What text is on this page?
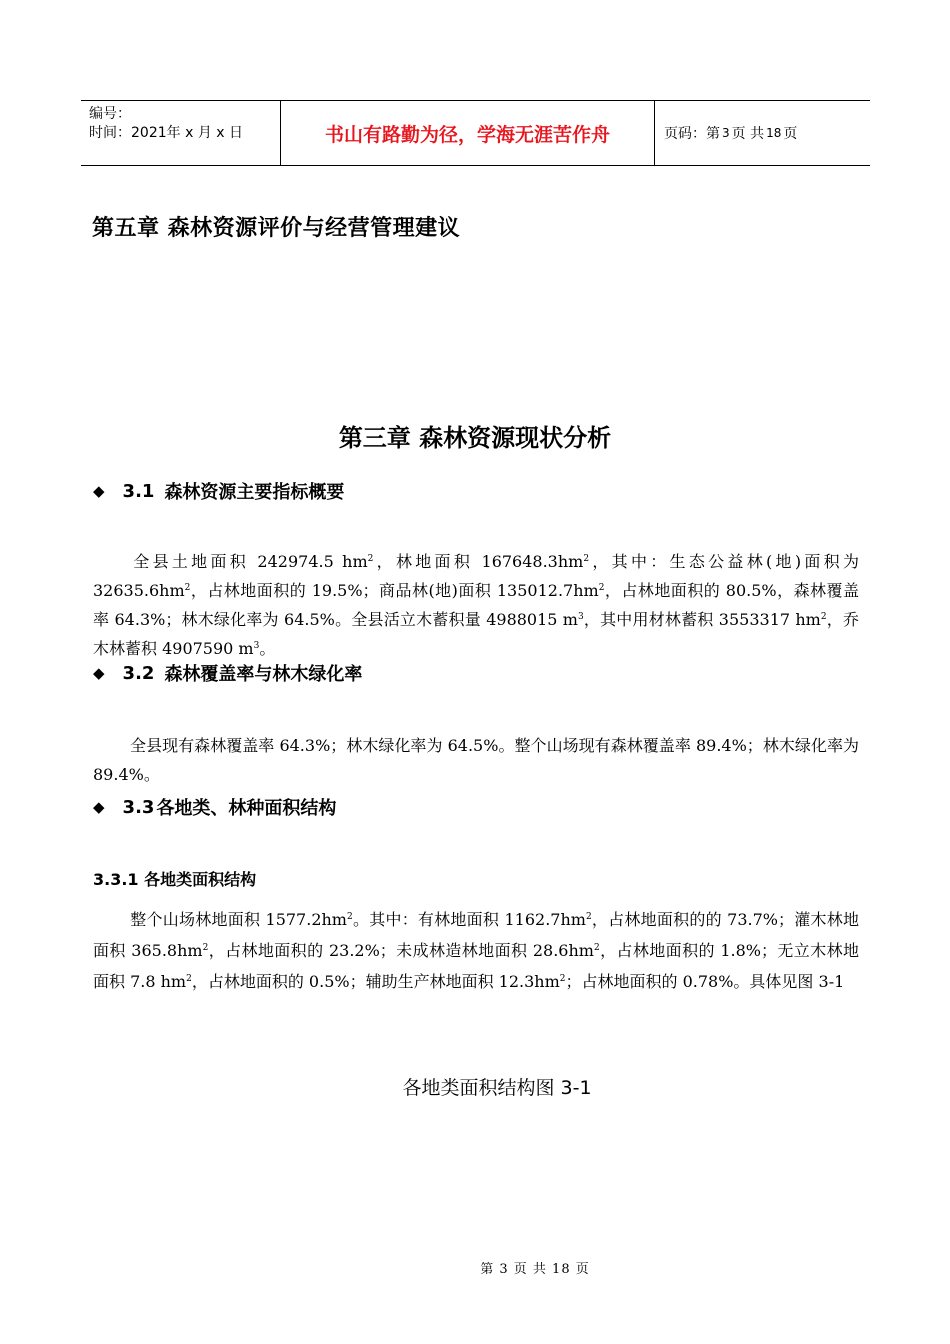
编号：
时间：2021年 x 月 x 日	书山有路勤为径，学海无涯苦作舟	页码：第 3 页 共 18 页
第五章 森林资源评价与经营管理建议
第三章 森林资源现状分析
◆ 3.1 森林资源主要指标概要
全县土地面积 242974.5 $hm^2$，林地面积 $167648.3hm^2$，其中：生态公益林(地)面积为 $32635.6hm^2$，占林地面积的 19.5%；商品林(地)面积 $135012.7hm^2$，占林地面积的 80.5%，森林覆盖率 64.3%；林木绿化率为 64.5%。全县活立木蓄积量 4988015 $m^3$，其中用材林蓄积 3553317 $hm^2$，乔木林蓄积 4907590 $m^3$。
◆ 3.2 森林覆盖率与林木绿化率
全县现有森林覆盖率 64.3%；林木绿化率为 64.5%。整个山场现有森林覆盖率 89.4%；林木绿化率为 89.4%。
◆ 3.3 各地类、林种面积结构
3.3.1 各地类面积结构
整个山场林地面积 $1577.2hm^2$。其中：有林地面积 $1162.7hm^2$，占林地面积的的 73.7%；灌木林地面积 $365.8hm^2$，占林地面积的 23.2%；未成林造林地面积 $28.6hm^2$，占林地面积的 1.8%；无立木林地面积 7.8 $hm^2$，占林地面积的 0.5%；辅助生产林地面积 $12.3hm^2$；占林地面积的 0.78%。具体见图 3-1
各地类面积结构图 3-1
第 3 页 共 18 页
